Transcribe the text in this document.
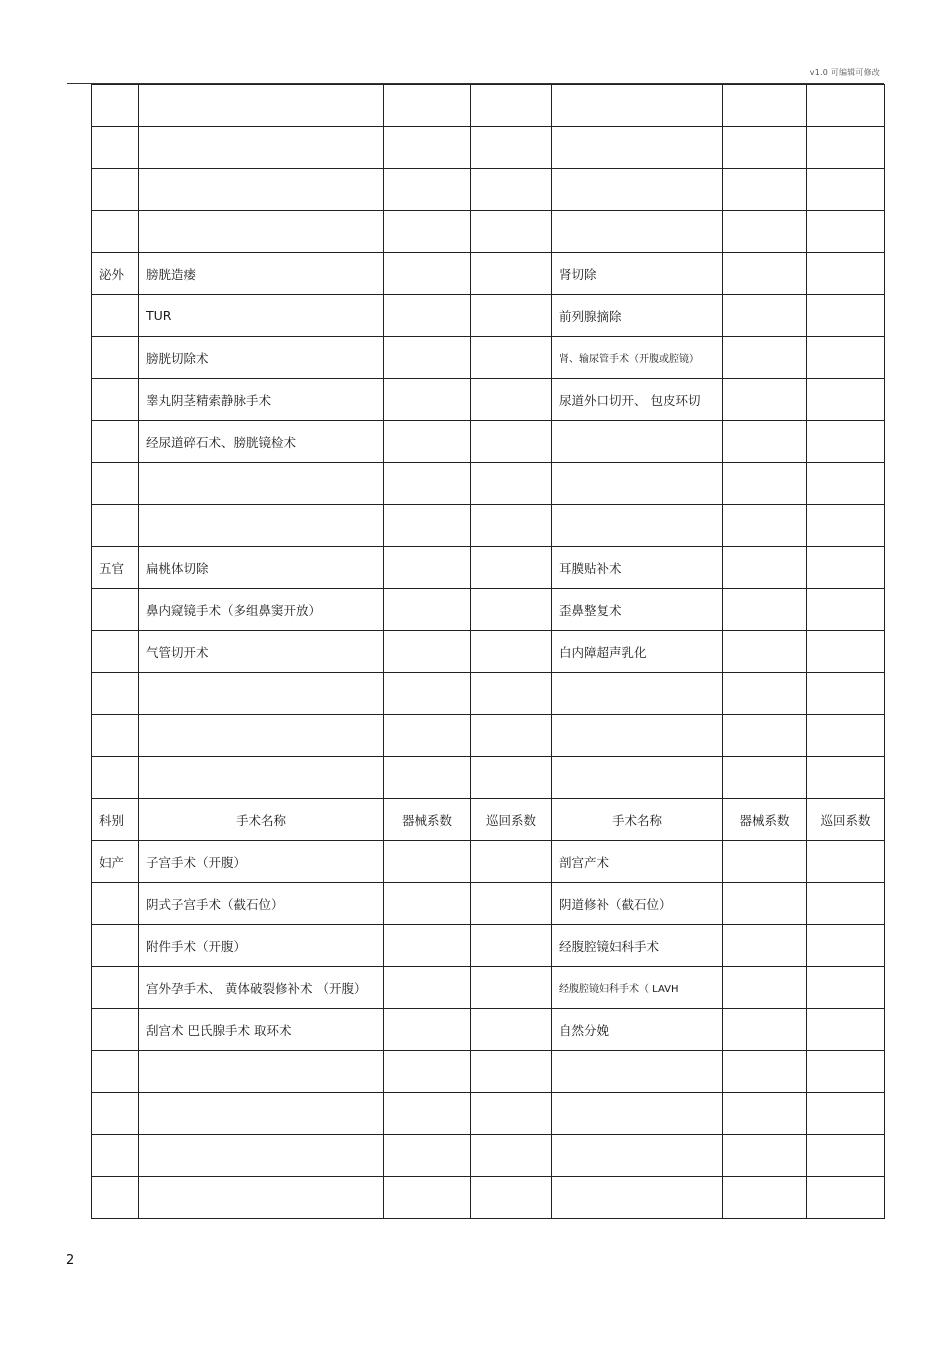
v1.0 可编辑可修改

泌外	膀胱造瘘			肾切除		
	TUR			前列腺摘除		
	膀胱切除术			肾、输尿管手术（开腹或腔镜）		
	睾丸阴茎精索静脉手术			尿道外口切开、 包皮环切		
	经尿道碎石术、膀胱镜检术					

五官	扁桃体切除			耳膜贴补术		
	鼻内窥镜手术（多组鼻窦开放）			歪鼻整复术		
	气管切开术			白内障超声乳化		

科别	手术名称	器械系数	巡回系数	手术名称	器械系数	巡回系数
妇产	子宫手术（开腹）			剖宫产术		
	阴式子宫手术（截石位）			阴道修补（截石位）		
	附件手术（开腹）			经腹腔镜妇科手术		
	宫外孕手术、 黄体破裂修补术 （开腹）			经腹腔镜妇科手术（ LAVH		
	刮宫术 巴氏腺手术 取环术			自然分娩		

2
